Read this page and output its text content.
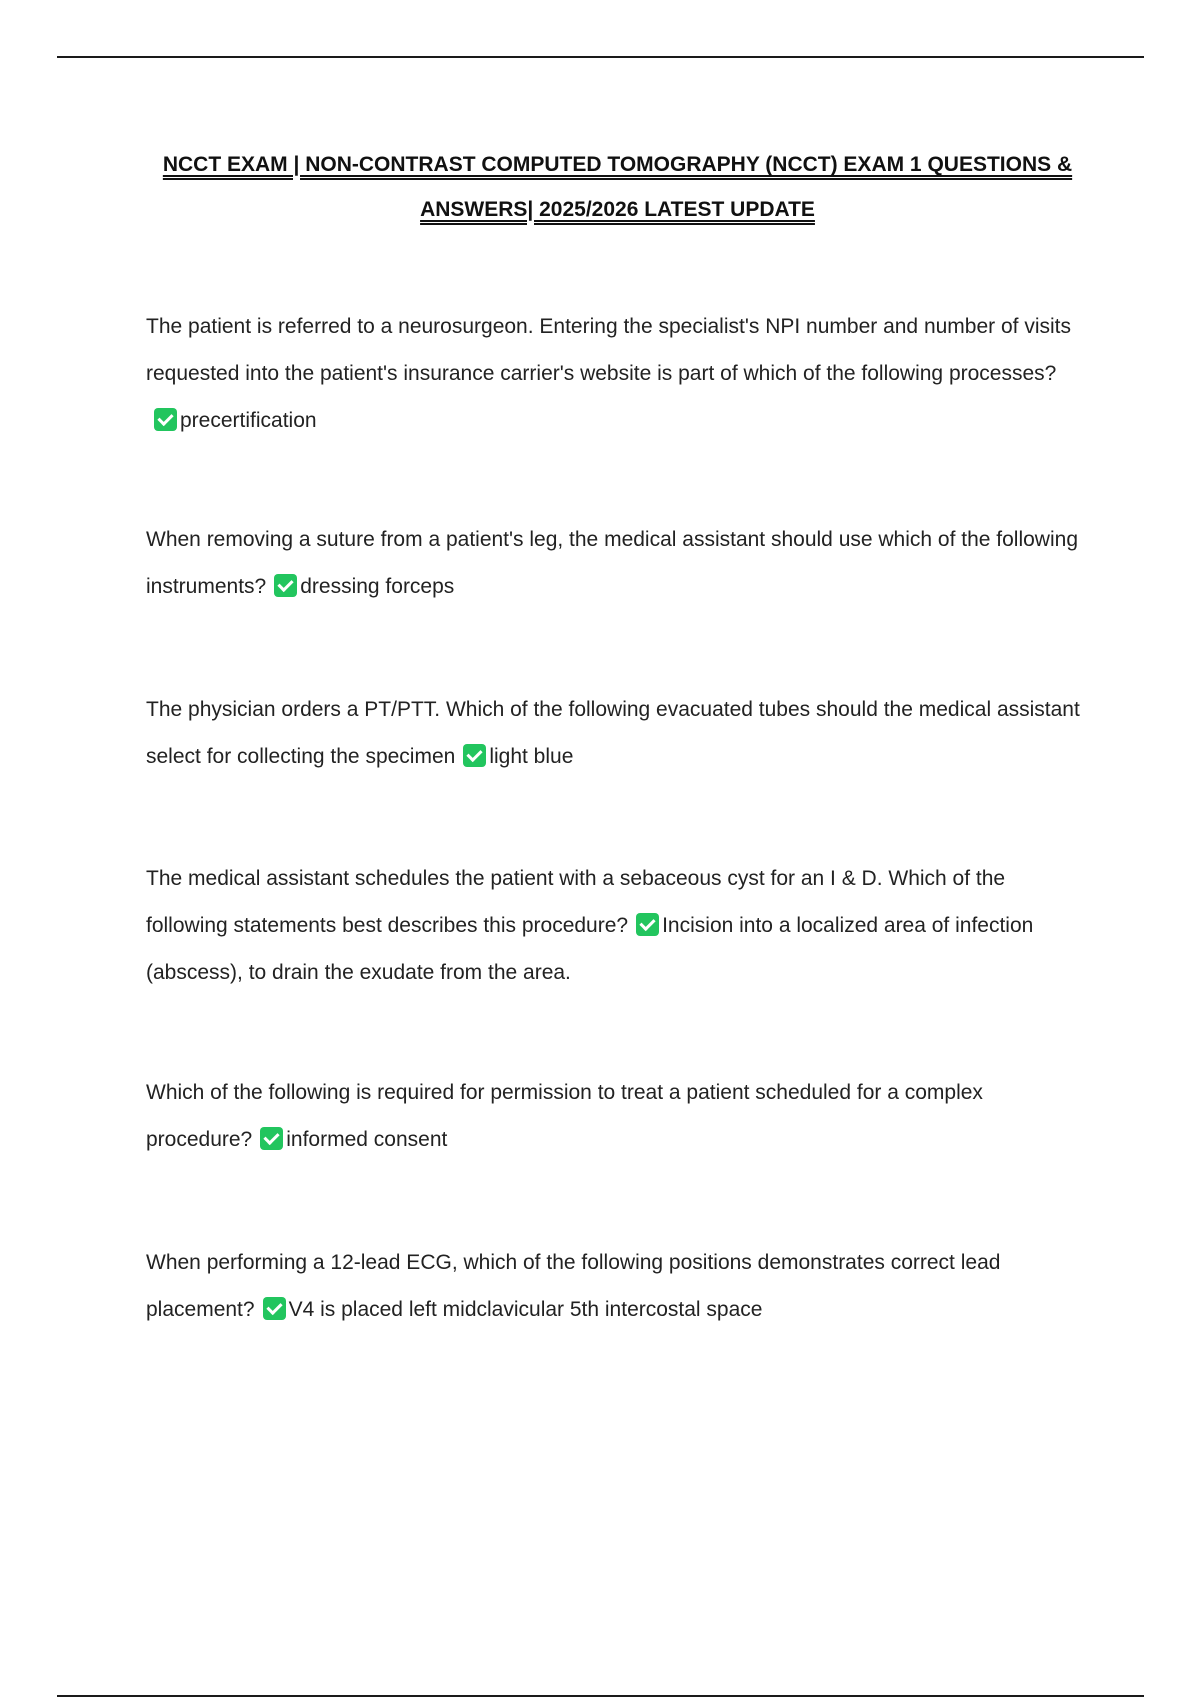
NCCT EXAM | NON-CONTRAST COMPUTED TOMOGRAPHY (NCCT) EXAM 1 QUESTIONS & ANSWERS| 2025/2026 LATEST UPDATE

The patient is referred to a neurosurgeon. Entering the specialist's NPI number and number of visits requested into the patient's insurance carrier's website is part of which of the following processes?precertification

When removing a suture from a patient's leg, the medical assistant should use which of the following instruments? dressing forceps

The physician orders a PT/PTT. Which of the following evacuated tubes should the medical assistant select for collecting the specimen light blue

The medical assistant schedules the patient with a sebaceous cyst for an I & D. Which of the following statements best describes this procedure? Incision into a localized area of infection (abscess), to drain the exudate from the area.

Which of the following is required for permission to treat a patient scheduled for a complex procedure? informed consent

When performing a 12-lead ECG, which of the following positions demonstrates correct lead placement? V4 is placed left midclavicular 5th intercostal space
